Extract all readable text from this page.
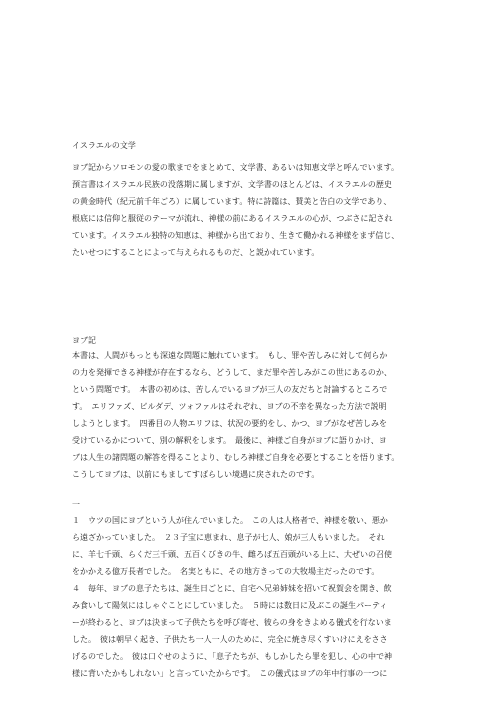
イスラエルの文学
ヨブ記からソロモンの愛の歌までをまとめて、文学書、あるいは知恵文学と呼んでいます。
預言書はイスラエル民族の没落期に属しますが、文学書のほとんどは、イスラエルの歴史
の黄金時代（紀元前千年ごろ）に属しています。特に詩篇は、賛美と告白の文学であり、
根底には信仰と服従のテーマが流れ、神様の前にあるイスラエルの心が、つぶさに記され
ています。イスラエル独特の知恵は、神様から出ており、生きて働かれる神様をまず信じ、
たいせつにすることによって与えられるものだ、と説かれています。
ヨブ記
本書は、人間がもっとも深遠な問題に触れています。　もし、罪や苦しみに対して何らか
の力を発揮できる神様が存在するなら、どうして、まだ罪や苦しみがこの世にあるのか、
という問題です。　本書の初めは、苦しんでいるヨブが三人の友だちと討論するところで
す。　エリファズ、ビルダデ、ツォファルはそれぞれ、ヨブの不幸を異なった方法で説明
しようとします。　四番目の人物エリフは、状況の要約をし、かつ、ヨブがなぜ苦しみを
受けているかについて、別の解釈をします。　最後に、神様ご自身がヨブに語りかけ、ヨ
ブは人生の諸問題の解答を得ることより、むしろ神様ご自身を必要とすることを悟ります。
こうしてヨブは、以前にもましてすばらしい境遇に戻されたのです。
一
１　ウツの国にヨブという人が住んでいました。　この人は人格者で、神様を敬い、悪か
ら遠ざかっていました。　２３子宝に恵まれ、息子が七人、娘が三人もいました。　それ
に、羊七千頭、らくだ三千頭、五百くびきの牛、雌ろば五百頭がいる上に、大ぜいの召使
をかかえる億万長者でした。　名実ともに、その地方きっての大牧場主だったのです。
４　毎年、ヨブの息子たちは、誕生日ごとに、自宅へ兄弟姉妹を招いて祝賀会を開き、飲
み食いして陽気にはしゃぐことにしていました。　５時には数日に及ぶこの誕生パーティ
ーが終わると、ヨブは決まって子供たちを呼び寄せ、彼らの身をきよめる儀式を行ないま
した。　彼は朝早く起き、子供たち一人一人のために、完全に焼き尽くすいけにえをささ
げるのでした。　彼は口ぐせのように、「息子たちが、もしかしたら罪を犯し、心の中で神
様に背いたかもしれない」と言っていたからです。　この儀式はヨブの年中行事の一つに
